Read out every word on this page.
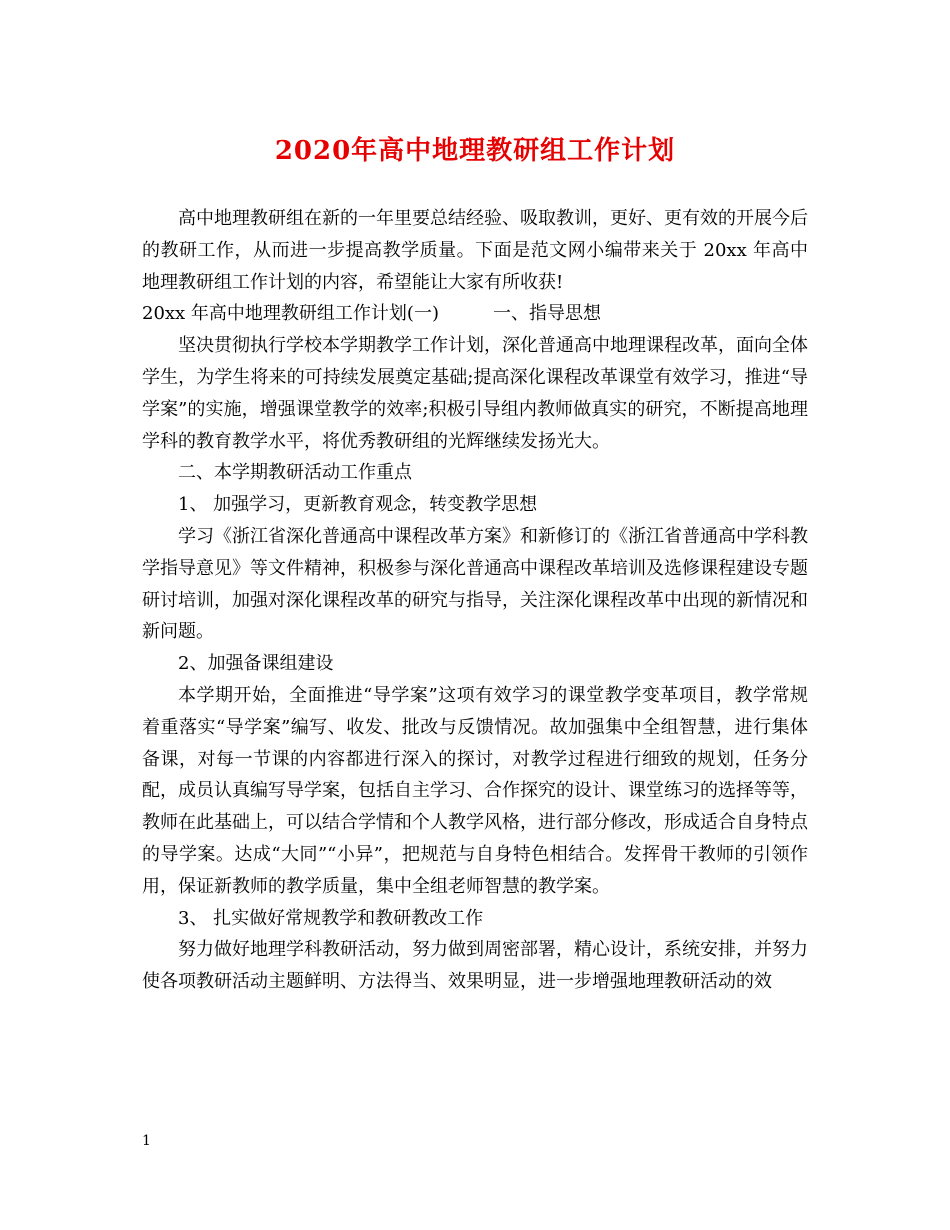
2020年高中地理教研组工作计划

高中地理教研组在新的一年里要总结经验、吸取教训，更好、更有效的开展今后的教研工作，从而进一步提高教学质量。下面是范文网小编带来关于 20xx 年高中地理教研组工作计划的内容，希望能让大家有所收获!

20xx 年高中地理教研组工作计划(一)	一、指导思想

坚决贯彻执行学校本学期教学工作计划，深化普通高中地理课程改革，面向全体学生，为学生将来的可持续发展奠定基础;提高深化课程改革课堂有效学习，推进“导学案”的实施，增强课堂教学的效率;积极引导组内教师做真实的研究，不断提高地理学科的教育教学水平，将优秀教研组的光辉继续发扬光大。

二、本学期教研活动工作重点

1、 加强学习，更新教育观念，转变教学思想

学习《浙江省深化普通高中课程改革方案》和新修订的《浙江省普通高中学科教学指导意见》等文件精神，积极参与深化普通高中课程改革培训及选修课程建设专题研讨培训，加强对深化课程改革的研究与指导，关注深化课程改革中出现的新情况和新问题。

2、加强备课组建设

本学期开始，全面推进“导学案”这项有效学习的课堂教学变革项目，教学常规着重落实“导学案”编写、收发、批改与反馈情况。故加强集中全组智慧，进行集体备课，对每一节课的内容都进行深入的探讨，对教学过程进行细致的规划，任务分配，成员认真编写导学案，包括自主学习、合作探究的设计、课堂练习的选择等等，教师在此基础上，可以结合学情和个人教学风格，进行部分修改，形成适合自身特点的导学案。达成“大同”“小异”，把规范与自身特色相结合。发挥骨干教师的引领作用，保证新教师的教学质量，集中全组老师智慧的教学案。

3、 扎实做好常规教学和教研教改工作

努力做好地理学科教研活动，努力做到周密部署，精心设计，系统安排，并努力使各项教研活动主题鲜明、方法得当、效果明显，进一步增强地理教研活动的效

1
